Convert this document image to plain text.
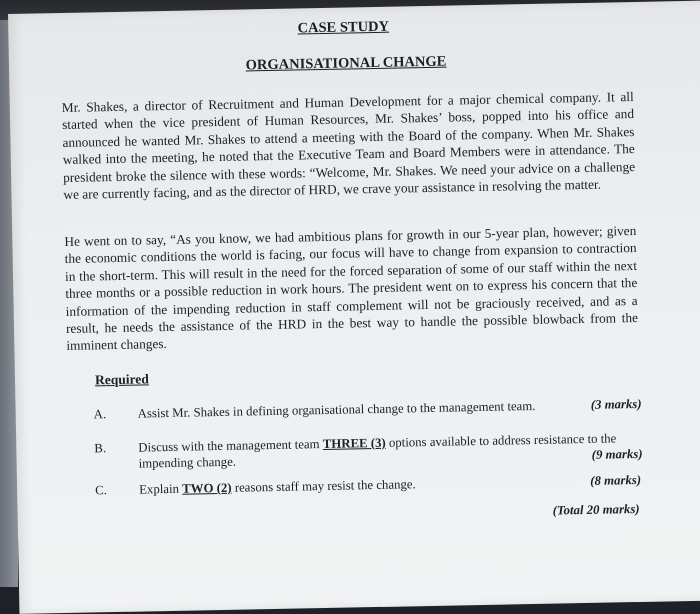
CASE STUDY
ORGANISATIONAL CHANGE
Mr. Shakes, a director of Recruitment and Human Development for a major chemical company. It all started when the vice president of Human Resources, Mr. Shakes’ boss, popped into his office and announced he wanted Mr. Shakes to attend a meeting with the Board of the company. When Mr. Shakes walked into the meeting, he noted that the Executive Team and Board Members were in attendance. The president broke the silence with these words: “Welcome, Mr. Shakes. We need your advice on a challenge we are currently facing, and as the director of HRD, we crave your assistance in resolving the matter.
He went on to say, “As you know, we had ambitious plans for growth in our 5-year plan, however; given the economic conditions the world is facing, our focus will have to change from expansion to contraction in the short-term. This will result in the need for the forced separation of some of our staff within the next three months or a possible reduction in work hours. The president went on to express his concern that the information of the impending reduction in staff complement will not be graciously received, and as a result, he needs the assistance of the HRD in the best way to handle the possible blowback from the imminent changes.
Required
A. Assist Mr. Shakes in defining organisational change to the management team.	(3 marks)
B. Discuss with the management team THREE (3) options available to address resistance to the impending change.
(9 marks)
C. Explain TWO (2) reasons staff may resist the change.	(8 marks)
(Total 20 marks)
